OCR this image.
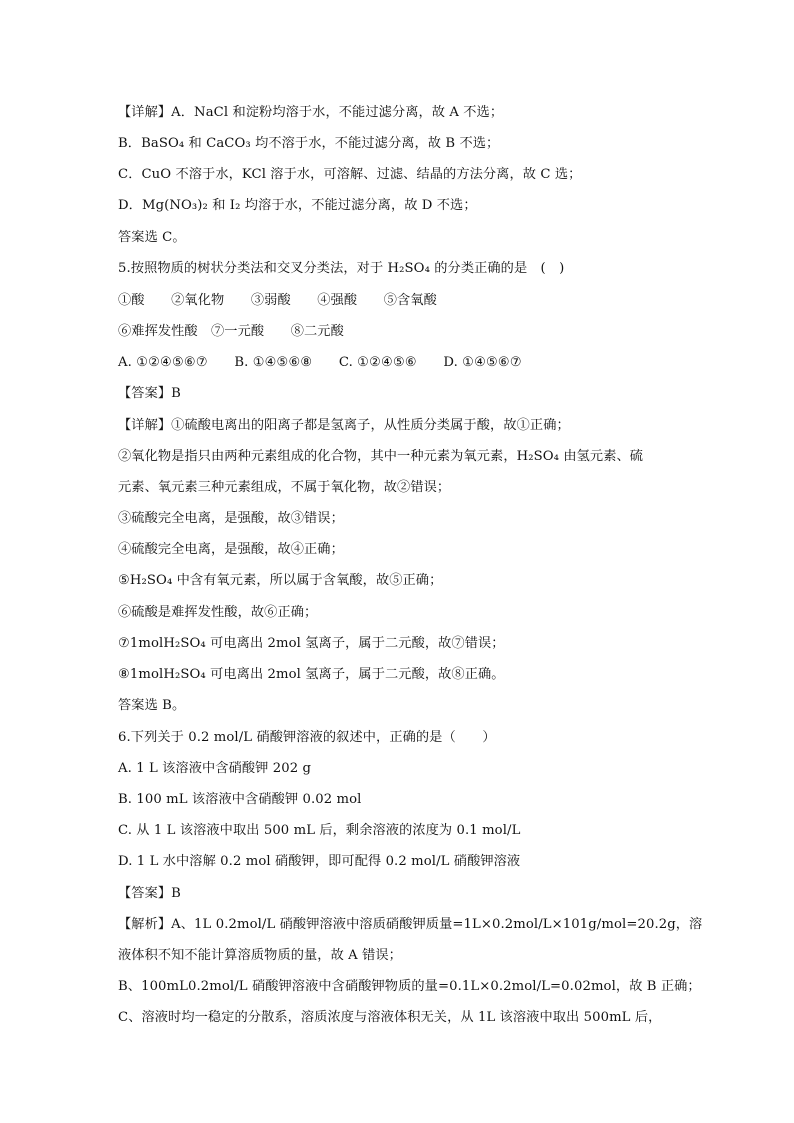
【详解】A．NaCl 和淀粉均溶于水，不能过滤分离，故 A 不选；
B．BaSO₄ 和 CaCO₃ 均不溶于水，不能过滤分离，故 B 不选；
C．CuO 不溶于水，KCl 溶于水，可溶解、过滤、结晶的方法分离，故 C 选；
D．Mg(NO₃)₂ 和 I₂ 均溶于水，不能过滤分离，故 D 不选；
答案选 C。
5.按照物质的树状分类法和交叉分类法，对于 H₂SO₄ 的分类正确的是　(　)
①酸　　②氧化物　　③弱酸　　④强酸　　⑤含氧酸
⑥难挥发性酸　⑦一元酸　　⑧二元酸
A. ①②④⑤⑥⑦　　B. ①④⑤⑥⑧　　C. ①②④⑤⑥　　D. ①④⑤⑥⑦
【答案】B
【详解】①硫酸电离出的阳离子都是氢离子，从性质分类属于酸，故①正确；
②氧化物是指只由两种元素组成的化合物，其中一种元素为氧元素，H₂SO₄ 由氢元素、硫
元素、氧元素三种元素组成，不属于氧化物，故②错误；
③硫酸完全电离，是强酸，故③错误；
④硫酸完全电离，是强酸，故④正确；
⑤H₂SO₄ 中含有氧元素，所以属于含氧酸，故⑤正确；
⑥硫酸是难挥发性酸，故⑥正确；
⑦1molH₂SO₄ 可电离出 2mol 氢离子，属于二元酸，故⑦错误；
⑧1molH₂SO₄ 可电离出 2mol 氢离子，属于二元酸，故⑧正确。
答案选 B。
6.下列关于 0.2 mol/L 硝酸钾溶液的叙述中，正确的是（　　）
A. 1 L 该溶液中含硝酸钾 202 g
B. 100 mL 该溶液中含硝酸钾 0.02 mol
C. 从 1 L 该溶液中取出 500 mL 后，剩余溶液的浓度为 0.1 mol/L
D. 1 L 水中溶解 0.2 mol 硝酸钾，即可配得 0.2 mol/L 硝酸钾溶液
【答案】B
【解析】A、1L 0.2mol/L 硝酸钾溶液中溶质硝酸钾质量=1L×0.2mol/L×101g/mol=20.2g，溶
液体积不知不能计算溶质物质的量，故 A 错误；
B、100mL0.2mol/L 硝酸钾溶液中含硝酸钾物质的量=0.1L×0.2mol/L=0.02mol，故 B 正确；
C、溶液时均一稳定的分散系，溶质浓度与溶液体积无关，从 1L 该溶液中取出 500mL 后，
